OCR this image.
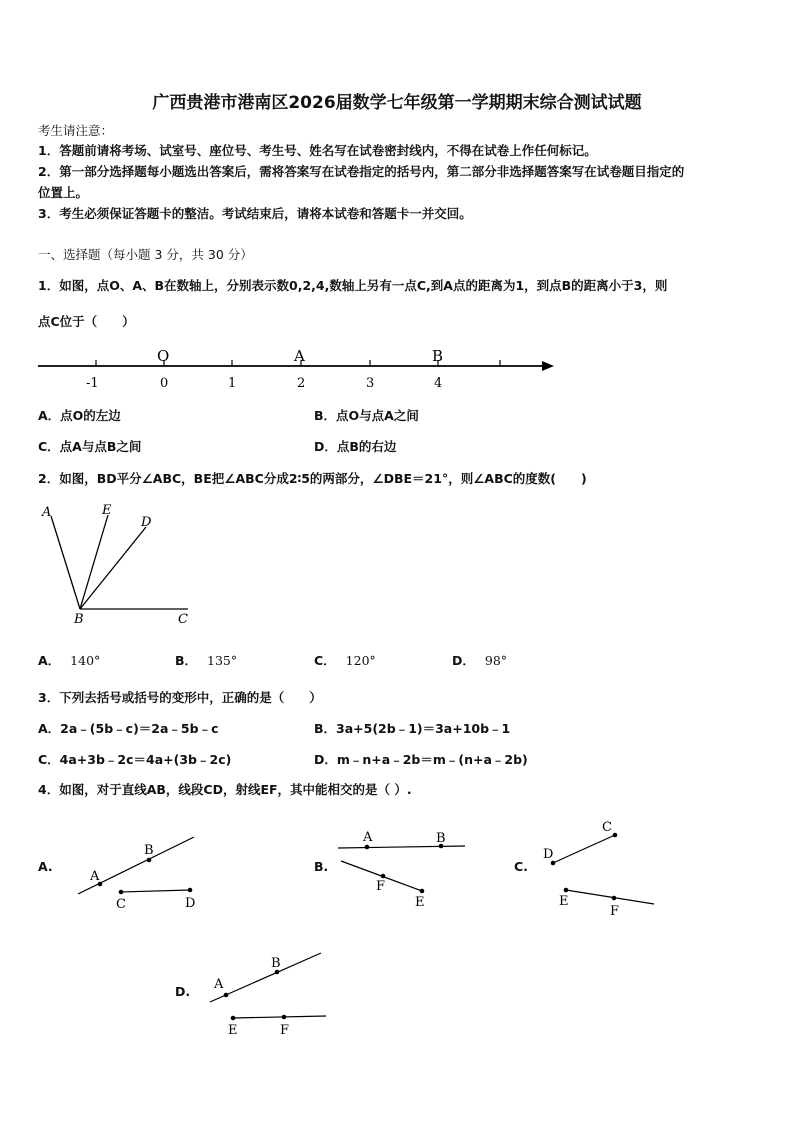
广西贵港市港南区2026届数学七年级第一学期期末综合测试试题
考生请注意：
1．答题前请将考场、试室号、座位号、考生号、姓名写在试卷密封线内，不得在试卷上作任何标记。
2．第一部分选择题每小题选出答案后，需将答案写在试卷指定的括号内，第二部分非选择题答案写在试卷题目指定的
位置上。
3．考生必须保证答题卡的整洁。考试结束后，请将本试卷和答题卡一并交回。
一、选择题（每小题 3 分，共 30 分）
1．如图，点O、A、B在数轴上，分别表示数0,2,4,数轴上另有一点C,到A点的距离为1，到点B的距离小于3，则
点C位于（　　）
O	A	B
-1	0	1	2	3	4
A．点O的左边	B．点O与点A之间
C．点A与点B之间	D．点B的右边
2．如图，BD平分∠ABC，BE把∠ABC分成2∶5的两部分，∠DBE＝21°，则∠ABC的度数(　　)
A	E
D
B	C
A． 140°	B． 135°	C． 120°	D． 98°
3．下列去括号或括号的变形中，正确的是（　　）
A．2a﹣(5b﹣c)＝2a﹣5b﹣c	B．3a+5(2b﹣1)＝3a+10b﹣1
C．4a+3b﹣2c＝4a+(3b﹣2c)	D．m﹣n+a﹣2b＝m﹣(n+a﹣2b)
4．如图，对于直线AB，线段CD，射线EF，其中能相交的是（ ）.
A.
A
B
C	D
B.
A	B
F
E
C.
C
D
E
F
D. A
B
E	F
